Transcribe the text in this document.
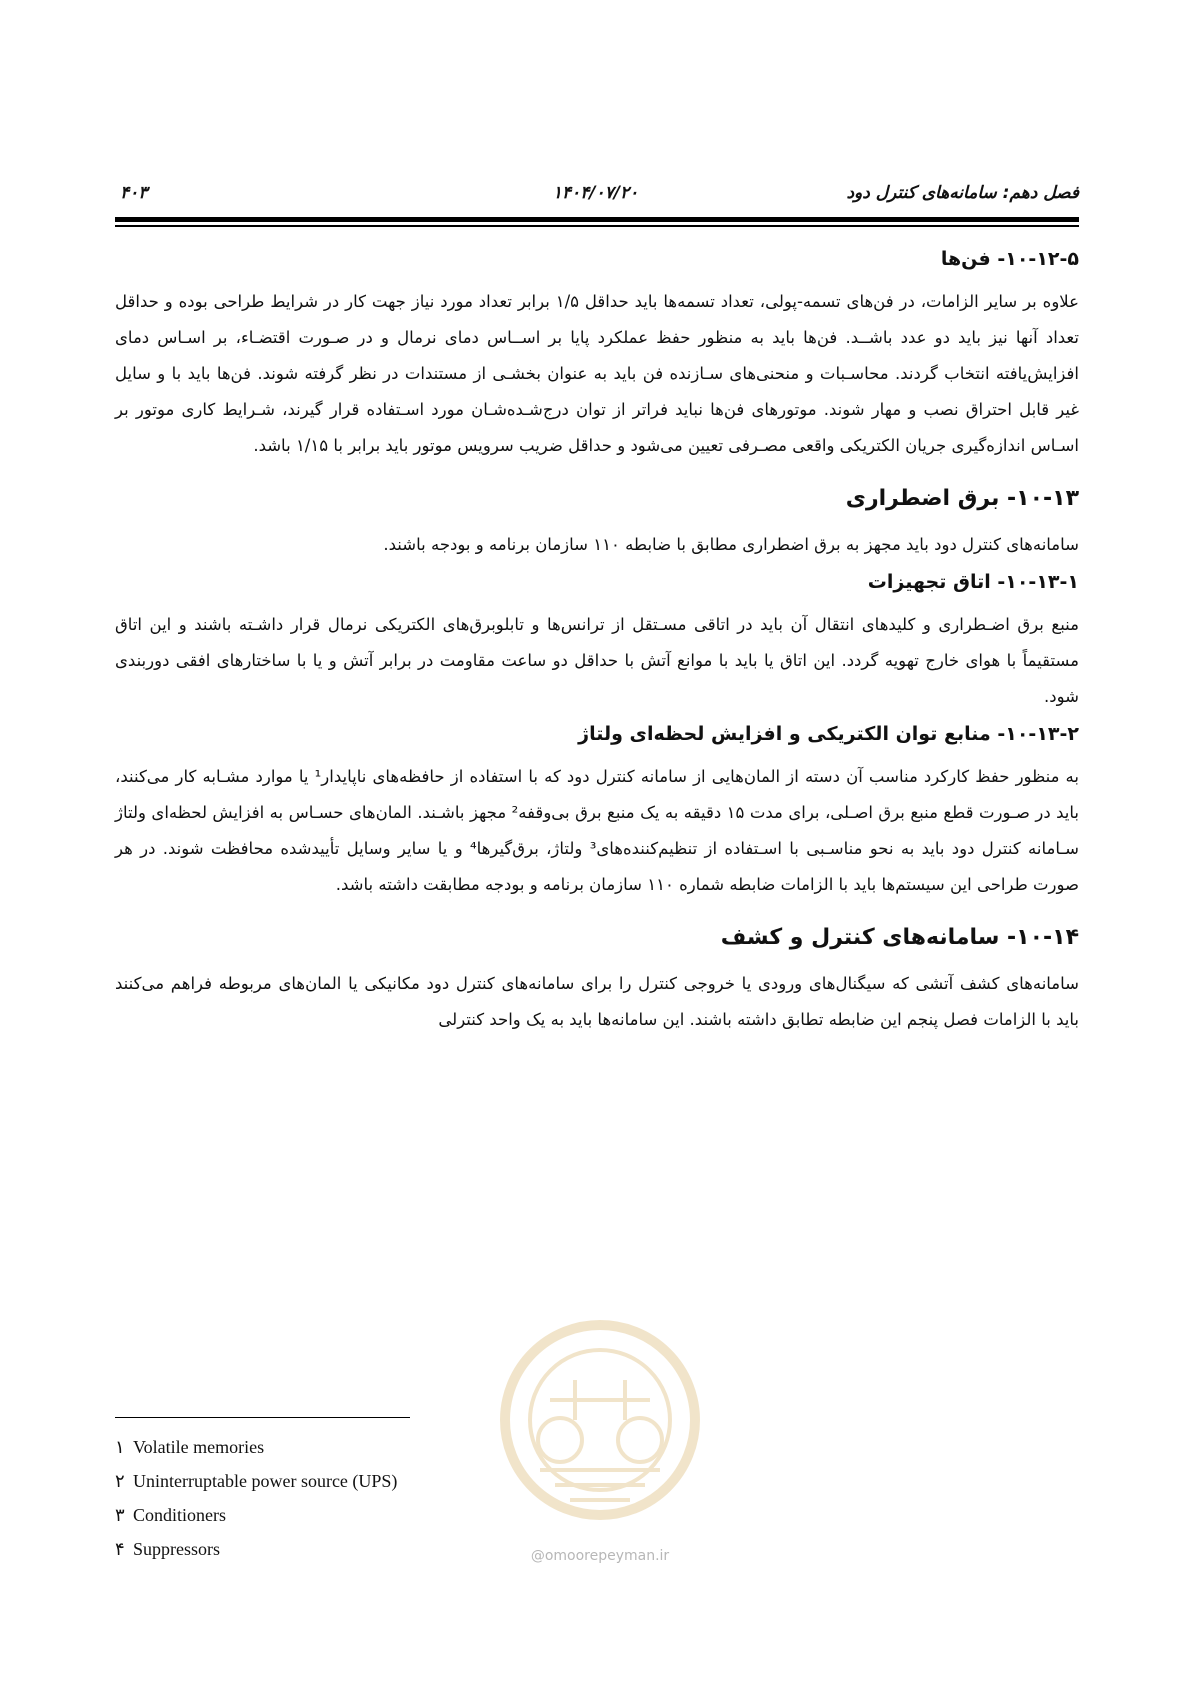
فصل دهم: سامانه‌های کنترل دود
۱۴۰۴/۰۷/۲۰
۴۰۳
۱۰-۱۲-۵- فن‌ها

علاوه بر سایر الزامات، در فن‌های تسمه-پولی، تعداد تسمه‌ها باید حداقل ۱/۵ برابر تعداد مورد نیاز جهت کار در شرایط طراحی بوده و حداقل تعداد آنها نیز باید دو عدد باشــد. فن‌ها باید به منظور حفظ عملکرد پایا بر اســاس دمای نرمال و در صـورت اقتضـاء، بر اسـاس دمای افزایش‌یافته انتخاب گردند. محاسـبات و منحنی‌های سـازنده فن باید به عنوان بخشـی از مستندات در نظر گرفته شوند. فن‌ها باید با و سایل غیر قابل احتراق نصب و مهار شوند. موتورهای فن‌ها نباید فراتر از توان درج‌شـده‌شـان مورد اسـتفاده قرار گیرند، شـرایط کاری موتور بر اسـاس اندازه‌گیری جریان الکتریکی واقعی مصـرفی تعیین می‌شود و حداقل ضریب سرویس موتور باید برابر با ۱/۱۵ باشد.

۱۰-۱۳- برق اضطراری

سامانه‌های کنترل دود باید مجهز به برق اضطراری مطابق با ضابطه ۱۱۰ سازمان برنامه و بودجه باشند.

۱۰-۱۳-۱- اتاق تجهیزات

منبع برق اضـطراری و کلیدهای انتقال آن باید در اتاقی مسـتقل از ترانس‌ها و تابلوبرق‌های الکتریکی نرمال قرار داشـته باشند و این اتاق مستقیماً با هوای خارج تهویه گردد. این اتاق یا باید با موانع آتش با حداقل دو ساعت مقاومت در برابر آتش و یا با ساختارهای افقی دوربندی شود.

۱۰-۱۳-۲- منابع توان الکتریکی و افزایش لحظه‌ای ولتاژ

به منظور حفظ کارکرد مناسب آن دسته از المان‌هایی از سامانه کنترل دود که با استفاده از حافظه‌های ناپایدار¹ یا موارد مشـابه کار می‌کنند، باید در صـورت قطع منبع برق اصـلی، برای مدت ۱۵ دقیقه به یک منبع برق بی‌وقفه² مجهز باشـند. المان‌های حسـاس به افزایش لحظه‌ای ولتاژ سـامانه کنترل دود باید به نحو مناسـبی با اسـتفاده از تنظیم‌کننده‌های³ ولتاژ، برق‌گیرها⁴ و یا سایر وسایل تأییدشده محافظت شوند. در هر صورت طراحی این سیستم‌ها باید با الزامات ضابطه شماره ۱۱۰ سازمان برنامه و بودجه مطابقت داشته باشد.

۱۰-۱۴- سامانه‌های کنترل و کشف

سامانه‌های کشف آتشی که سیگنال‌های ورودی یا خروجی کنترل را برای سامانه‌های کنترل دود مکانیکی یا المان‌های مربوطه فراهم می‌کنند باید با الزامات فصل پنجم این ضابطه تطابق داشته باشند. این سامانه‌ها باید به یک واحد کنترلی

@omoorepeyman.ir
۱ Volatile memories
۲ Uninterruptable power source (UPS)
۳ Conditioners
۴ Suppressors
